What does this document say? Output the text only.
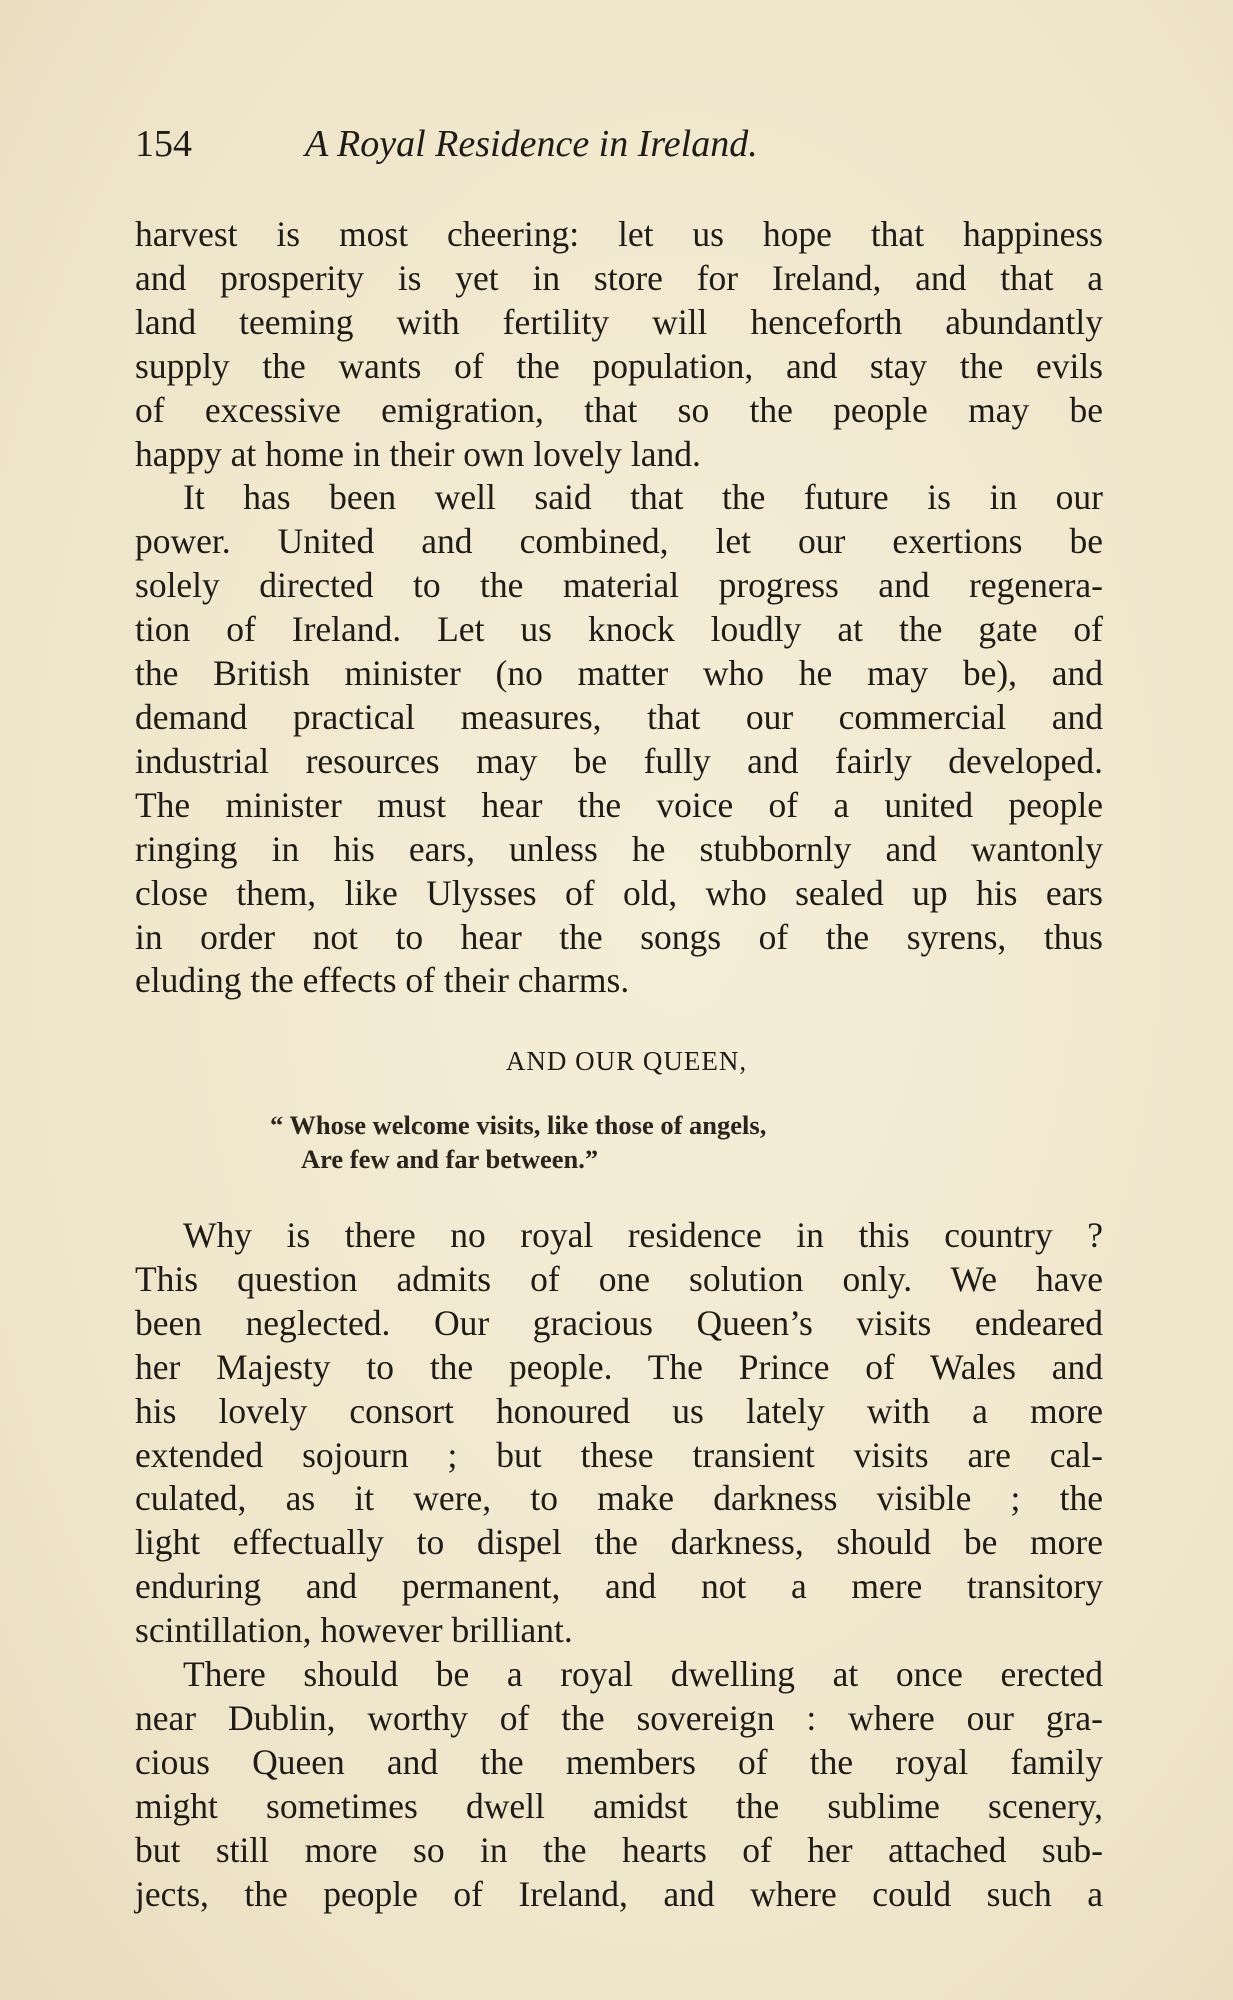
154	A Royal Residence in Ireland.
harvest is most cheering: let us hope that happiness
and prosperity is yet in store for Ireland, and that a
land teeming with fertility will henceforth abundantly
supply the wants of the population, and stay the evils
of excessive emigration, that so the people may be
happy at home in their own lovely land.
It has been well said that the future is in our
power. United and combined, let our exertions be
solely directed to the material progress and regenera-
tion of Ireland. Let us knock loudly at the gate of
the British minister (no matter who he may be), and
demand practical measures, that our commercial and
industrial resources may be fully and fairly developed.
The minister must hear the voice of a united people
ringing in his ears, unless he stubbornly and wantonly
close them, like Ulysses of old, who sealed up his ears
in order not to hear the songs of the syrens, thus
eluding the effects of their charms.
AND OUR QUEEN,
“ Whose welcome visits, like those of angels,
Are few and far between.”
Why is there no royal residence in this country ?
This question admits of one solution only. We have
been neglected. Our gracious Queen’s visits endeared
her Majesty to the people. The Prince of Wales and
his lovely consort honoured us lately with a more
extended sojourn ; but these transient visits are cal-
culated, as it were, to make darkness visible ; the
light effectually to dispel the darkness, should be more
enduring and permanent, and not a mere transitory
scintillation, however brilliant.
There should be a royal dwelling at once erected
near Dublin, worthy of the sovereign : where our gra-
cious Queen and the members of the royal family
might sometimes dwell amidst the sublime scenery,
but still more so in the hearts of her attached sub-
jects, the people of Ireland, and where could such a
